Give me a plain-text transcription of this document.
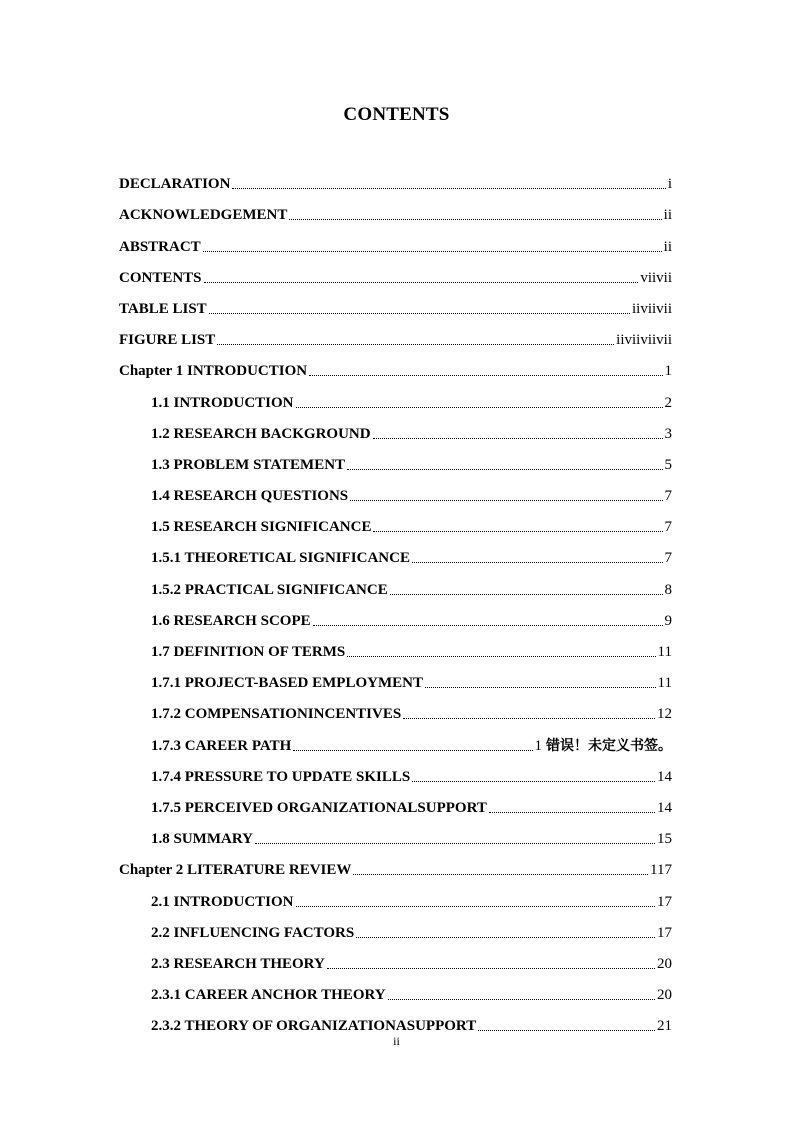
CONTENTS
DECLARATION	i
ACKNOWLEDGEMENT	ii
ABSTRACT	ii
CONTENTS	viivii
TABLE LIST	iiviivii
FIGURE LIST	iiviiviivii
Chapter 1 INTRODUCTION	1
1.1 INTRODUCTION	2
1.2 RESEARCH BACKGROUND	3
1.3 PROBLEM STATEMENT	5
1.4 RESEARCH QUESTIONS	7
1.5 RESEARCH SIGNIFICANCE	7
1.5.1 THEORETICAL SIGNIFICANCE	7
1.5.2 PRACTICAL SIGNIFICANCE	8
1.6 RESEARCH SCOPE	9
1.7 DEFINITION OF TERMS	11
1.7.1 PROJECT-BASED EMPLOYMENT	11
1.7.2 COMPENSATIONINCENTIVES	12
1.7.3 CAREER PATH	1 错误！未定义书签。
1.7.4 PRESSURE TO UPDATE SKILLS	14
1.7.5 PERCEIVED ORGANIZATIONALSUPPORT	14
1.8 SUMMARY	15
Chapter 2 LITERATURE REVIEW	117
2.1 INTRODUCTION	17
2.2 INFLUENCING FACTORS	17
2.3 RESEARCH THEORY	20
2.3.1 CAREER ANCHOR THEORY	20
2.3.2 THEORY OF ORGANIZATIONASUPPORT	21
ii
